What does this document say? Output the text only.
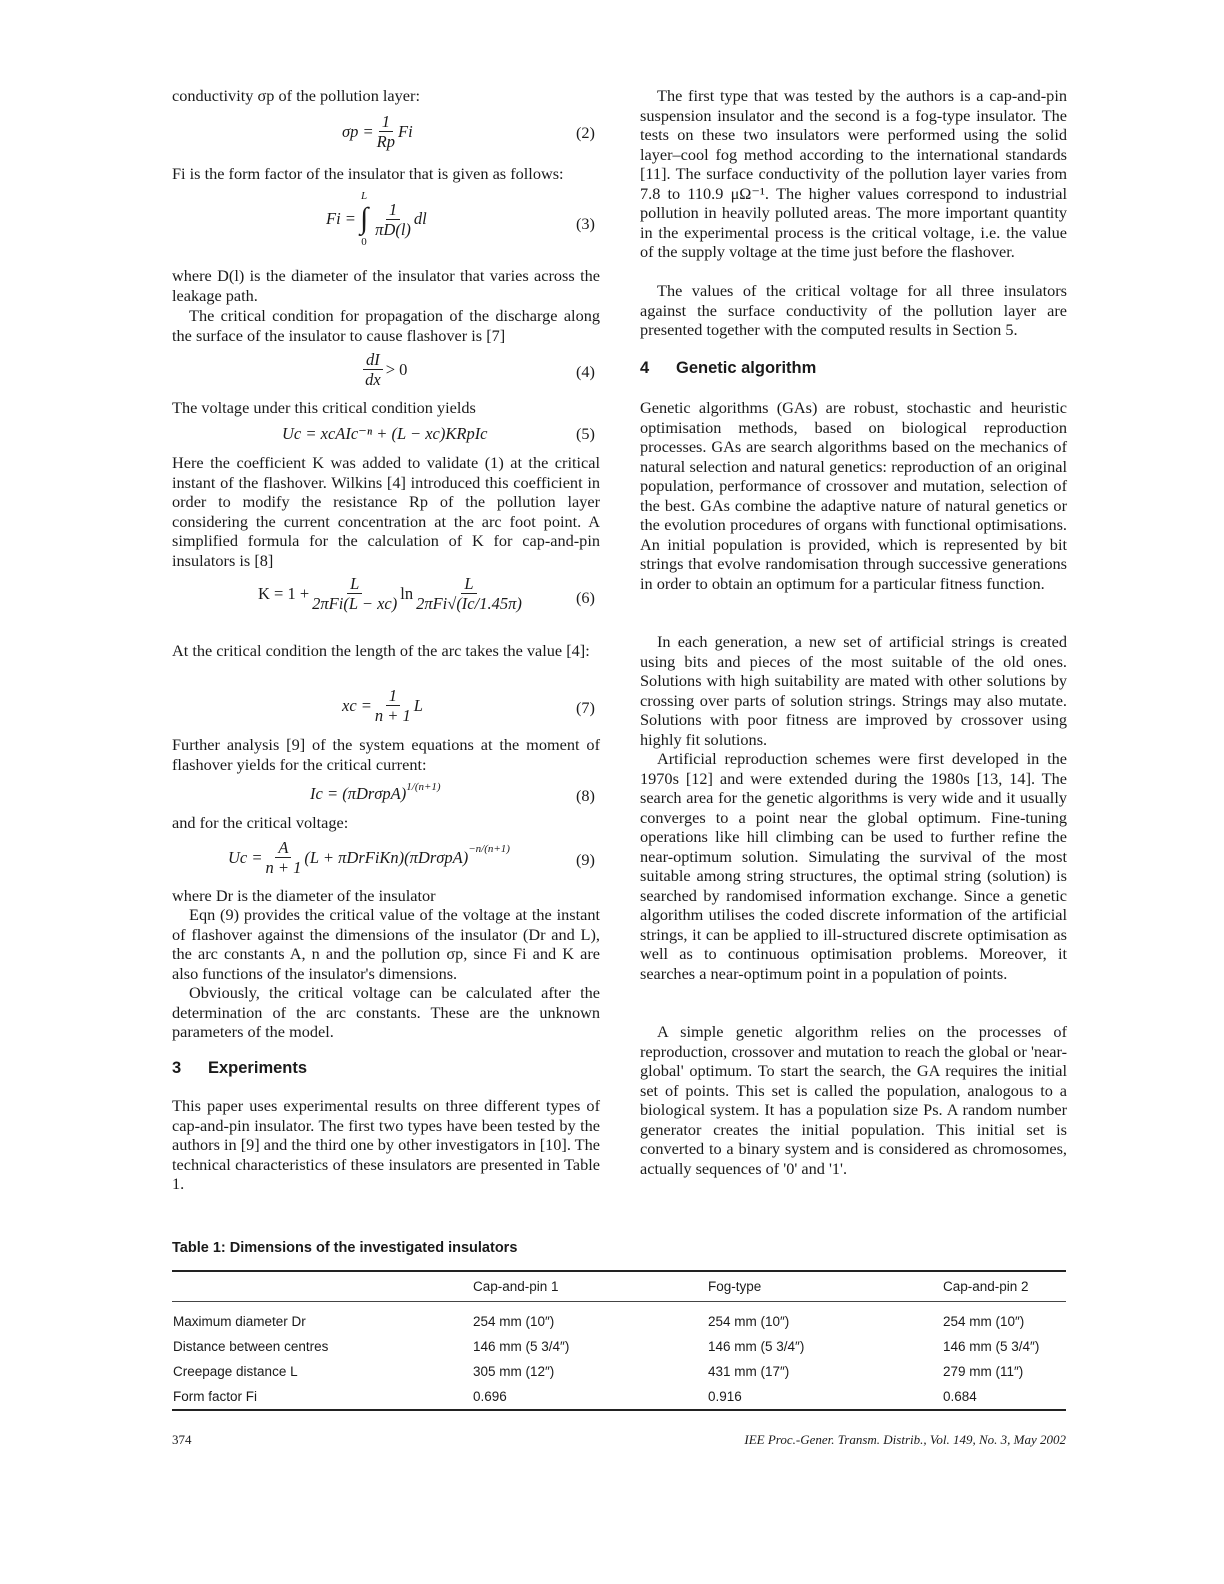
conductivity σp of the pollution layer:

$\sigma p = \frac{1}{Rp}$ Fi	(2)

Fi is the form factor of the insulator that is given as follows:

Fi =
L
∫
0
$\frac{1}{\pi D(l)}$ dl	(3)

where D(l) is the diameter of the insulator that varies across the leakage path.

The critical condition for propagation of the discharge along the surface of the insulator to cause flashover is [7]

$\frac{dI}{dx} > 0$	(4)

The voltage under this critical condition yields

Uc = xcAIc⁻ⁿ + (L − xc)KRpIc	(5)

Here the coefficient K was added to validate (1) at the critical instant of the flashover. Wilkins [4] introduced this coefficient in order to modify the resistance Rp of the pollution layer considering the current concentration at the arc foot point. A simplified formula for the calculation of K for cap-and-pin insulators is [8]

$K = 1 + \frac{L}{\text{2πFi(L − xc)}}$ $\ln \frac{L}{\text{2πFi√(Ic/1.45π)}}$	(6)

At the critical condition the length of the arc takes the value [4]:

xc = $\frac{1}{n + 1}$ L	(7)

Further analysis [9] of the system equations at the moment of flashover yields for the critical current:

$Ic = (\pi Dr\sigma pA)^{1/(n+1)}$	(8)

and for the critical voltage:

$Uc = \frac{A}{n + 1} (L$ + $\pi DrFiKn)(\pi Dr\sigma pA)^{-n/(n+1)}$
(9)

where Dr is the diameter of the insulator

Eqn (9) provides the critical value of the voltage at the instant of flashover against the dimensions of the insulator (Dr and L), the arc constants A, n and the pollution σp, since Fi and K are also functions of the insulator's dimensions.

Obviously, the critical voltage can be calculated after the determination of the arc constants. These are the unknown parameters of the model.

3 Experiments

This paper uses experimental results on three different types of cap-and-pin insulator. The first two types have been tested by the authors in [9] and the third one by other investigators in [10]. The technical characteristics of these insulators are presented in Table 1.

The first type that was tested by the authors is a cap-and-pin suspension insulator and the second is a fog-type insulator. The tests on these two insulators were performed using the solid layer–cool fog method according to the international standards [11]. The surface conductivity of the pollution layer varies from 7.8 to 110.9 μΩ⁻¹. The higher values correspond to industrial pollution in heavily polluted areas. The more important quantity in the experimental process is the critical voltage, i.e. the value of the supply voltage at the time just before the flashover.

The values of the critical voltage for all three insulators against the surface conductivity of the pollution layer are presented together with the computed results in Section 5.

4 Genetic algorithm

Genetic algorithms (GAs) are robust, stochastic and heuristic optimisation methods, based on biological reproduction processes. GAs are search algorithms based on the mechanics of natural selection and natural genetics: reproduction of an original population, performance of crossover and mutation, selection of the best. GAs combine the adaptive nature of natural genetics or the evolution procedures of organs with functional optimisations. An initial population is provided, which is represented by bit strings that evolve randomisation through successive generations in order to obtain an optimum for a particular fitness function.

In each generation, a new set of artificial strings is created using bits and pieces of the most suitable of the old ones. Solutions with high suitability are mated with other solutions by crossing over parts of solution strings. Strings may also mutate. Solutions with poor fitness are improved by crossover using highly fit solutions.

Artificial reproduction schemes were first developed in the 1970s [12] and were extended during the 1980s [13, 14]. The search area for the genetic algorithms is very wide and it usually converges to a point near the global optimum. Fine-tuning operations like hill climbing can be used to further refine the near-optimum solution. Simulating the survival of the most suitable among string structures, the optimal string (solution) is searched by randomised information exchange. Since a genetic algorithm utilises the coded discrete information of the artificial strings, it can be applied to ill-structured discrete optimisation as well as to continuous optimisation problems. Moreover, it searches a near-optimum point in a population of points.

A simple genetic algorithm relies on the processes of reproduction, crossover and mutation to reach the global or 'near-global' optimum. To start the search, the GA requires the initial set of points. This set is called the population, analogous to a biological system. It has a population size Ps. A random number generator creates the initial population. This initial set is converted to a binary system and is considered as chromosomes, actually sequences of '0' and '1'.

Table 1: Dimensions of the investigated insulators
	Cap-and-pin 1	Fog-type	Cap-and-pin 2
Maximum diameter Dr	254 mm (10″)	254 mm (10″)	254 mm (10″)
Distance between centres	146 mm (5 3/4″)	146 mm (5 3/4″)	146 mm (5 3/4″)
Creepage distance L	305 mm (12″)	431 mm (17″)	279 mm (11″)
Form factor Fi	0.696	0.916	0.684
374	IEE Proc.-Gener. Transm. Distrib., Vol. 149, No. 3, May 2002
